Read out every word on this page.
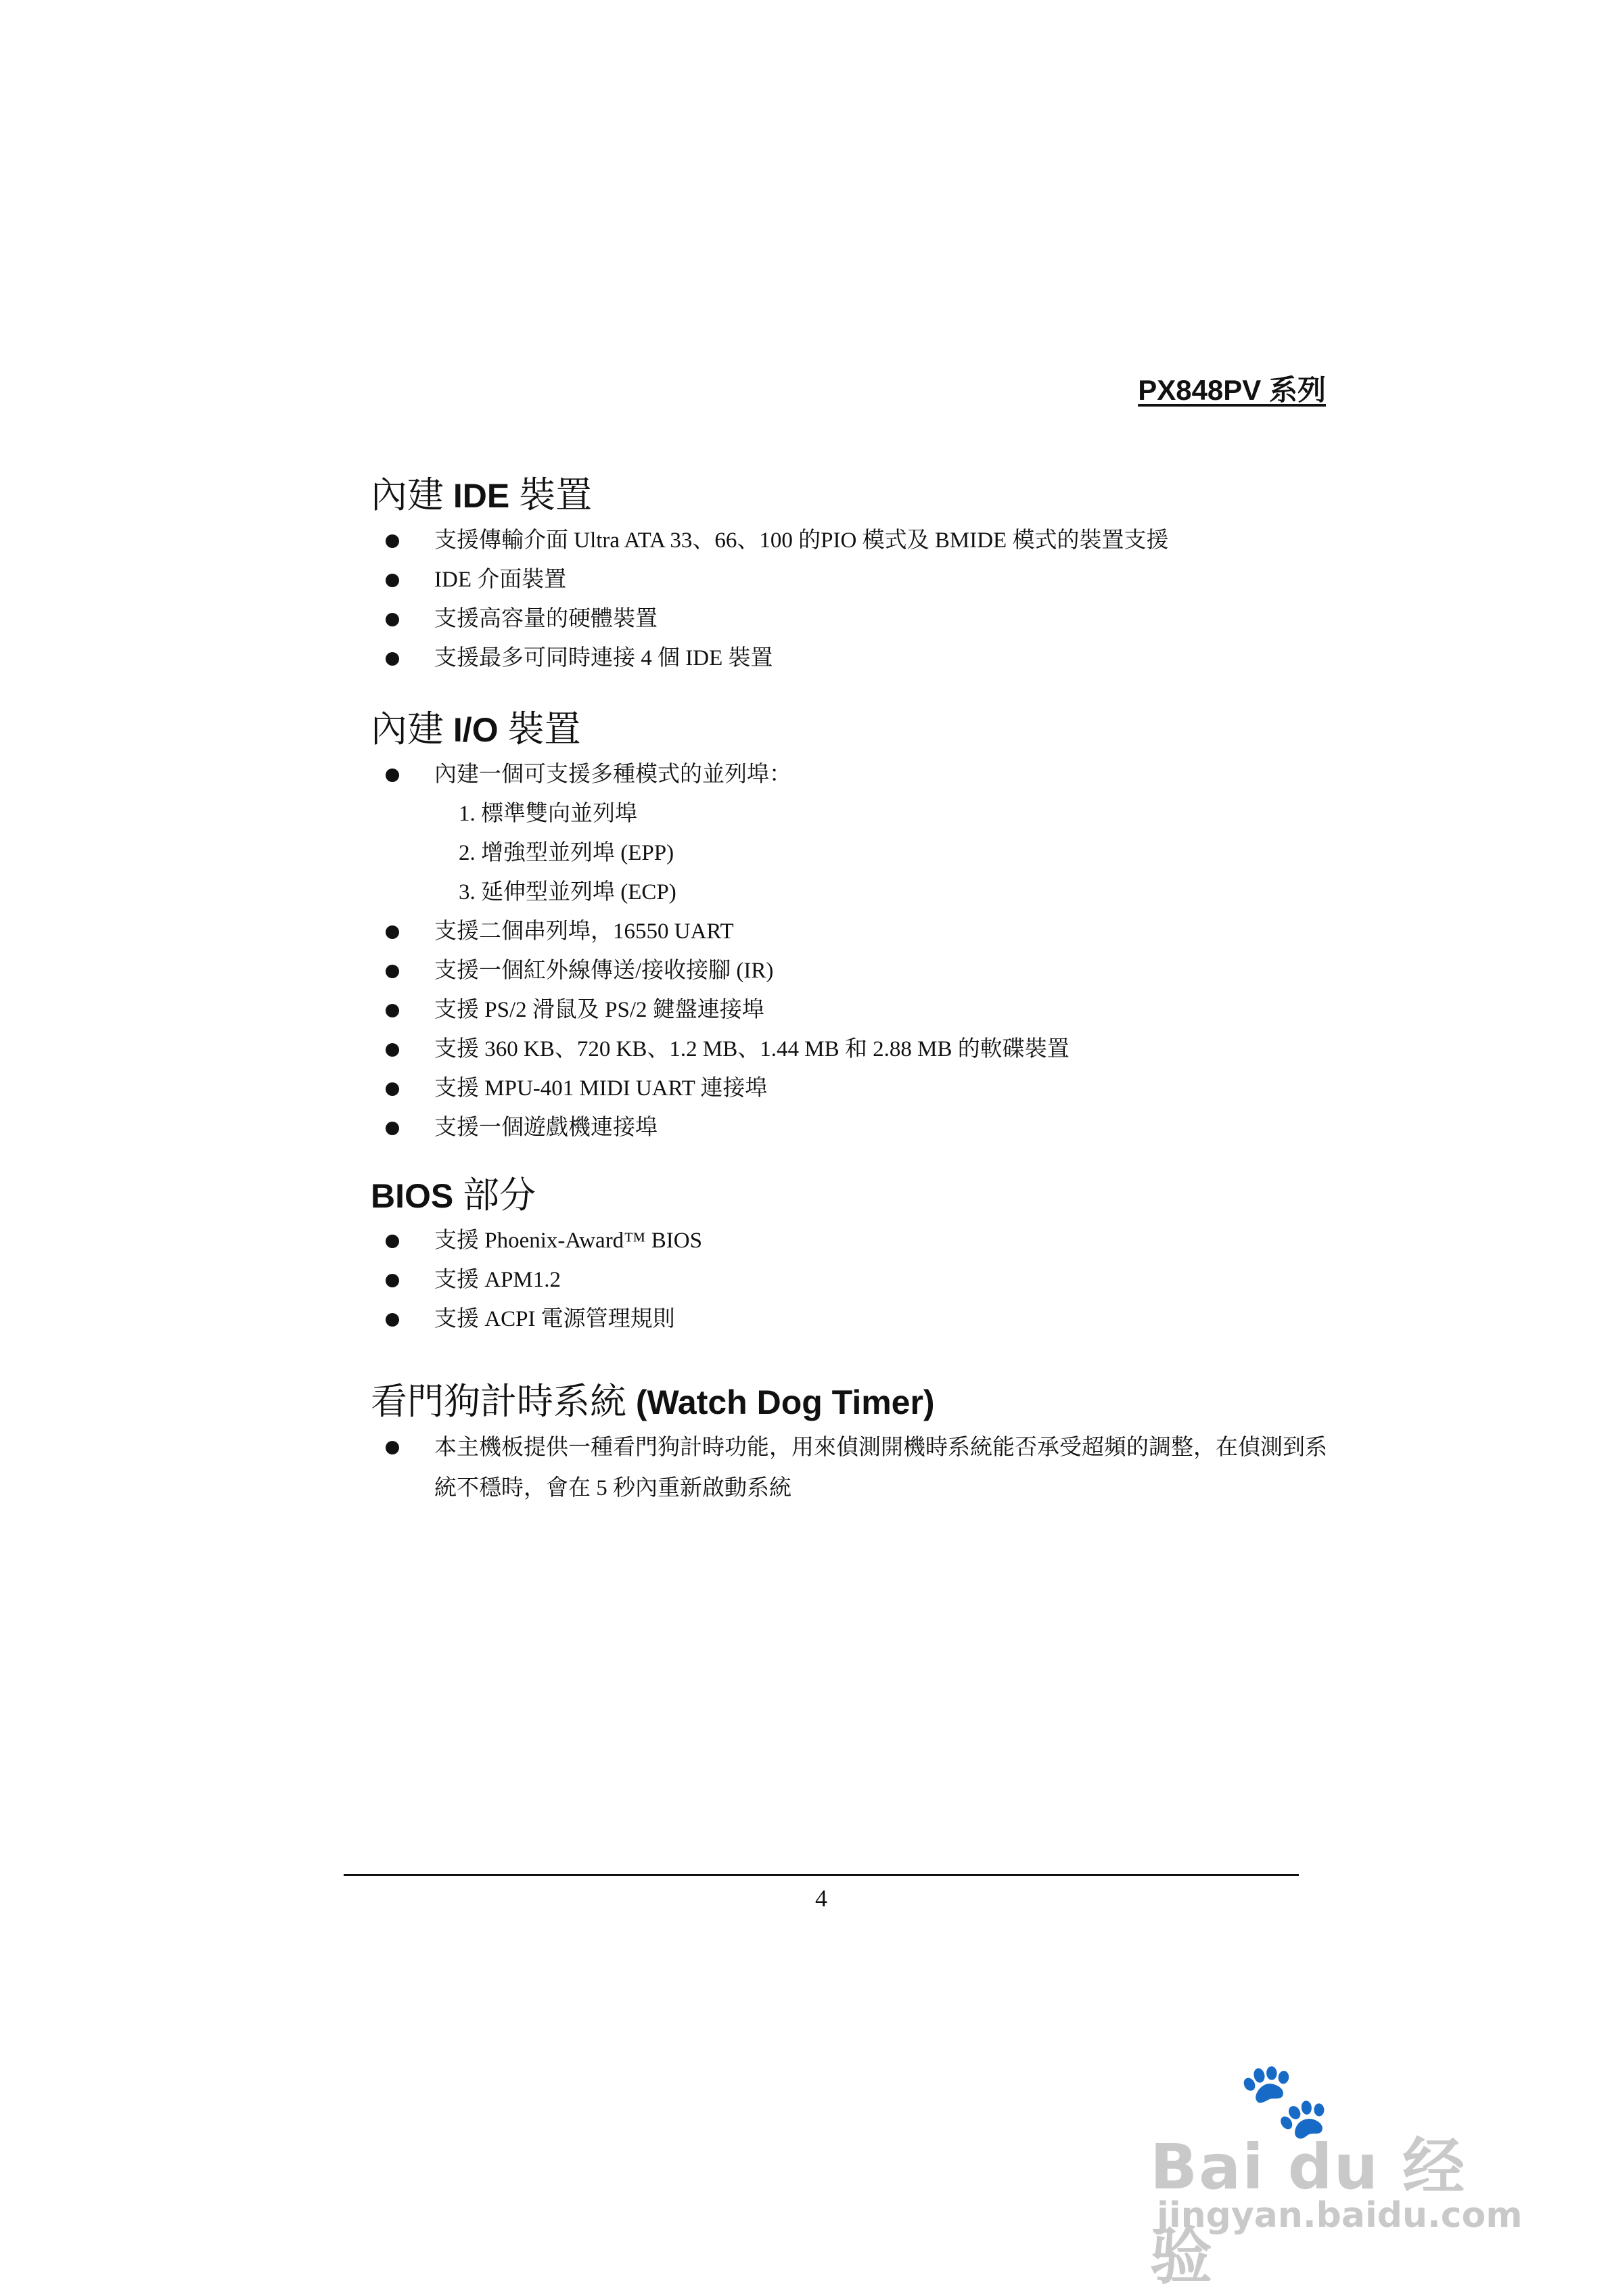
PX848PV 系列
內建 IDE 裝置
支援傳輸介面 Ultra ATA 33、66、100 的PIO 模式及 BMIDE 模式的裝置支援
IDE 介面裝置
支援高容量的硬體裝置
支援最多可同時連接 4 個 IDE 裝置
內建 I/O 裝置
內建一個可支援多種模式的並列埠：
1. 標準雙向並列埠
2. 增強型並列埠 (EPP)
3. 延伸型並列埠 (ECP)
支援二個串列埠，16550 UART
支援一個紅外線傳送/接收接腳 (IR)
支援 PS/2 滑鼠及 PS/2 鍵盤連接埠
支援 360 KB、720 KB、1.2 MB、1.44 MB 和 2.88 MB 的軟碟裝置
支援 MPU-401 MIDI UART 連接埠
支援一個遊戲機連接埠
BIOS 部分
支援 Phoenix-Award™ BIOS
支援 APM1.2
支援 ACPI 電源管理規則
看門狗計時系統 (Watch Dog Timer)
本主機板提供一種看門狗計時功能，用來偵測開機時系統能否承受超頻的調整，在偵測到系統不穩時，會在 5 秒內重新啟動系統
4
🐾
Bai du 经验
jingyan.baidu.com
